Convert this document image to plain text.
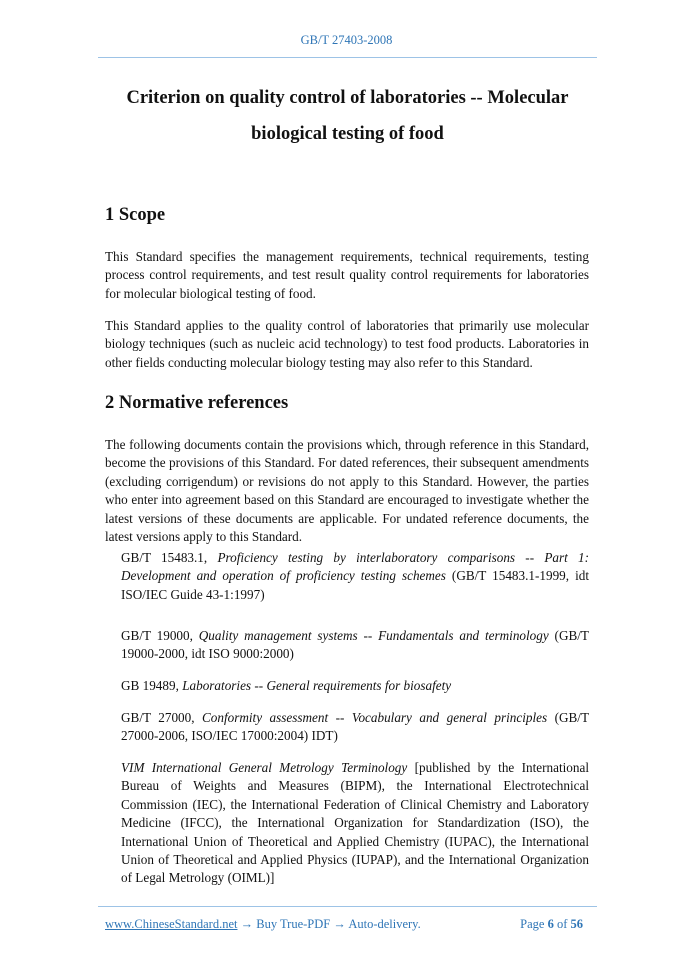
GB/T 27403-2008
Criterion on quality control of laboratories -- Molecular
biological testing of food
1 Scope
This Standard specifies the management requirements, technical requirements, testing process control requirements, and test result quality control requirements for laboratories for molecular biological testing of food.
This Standard applies to the quality control of laboratories that primarily use molecular biology techniques (such as nucleic acid technology) to test food products. Laboratories in other fields conducting molecular biology testing may also refer to this Standard.
2 Normative references
The following documents contain the provisions which, through reference in this Standard, become the provisions of this Standard. For dated references, their subsequent amendments (excluding corrigendum) or revisions do not apply to this Standard. However, the parties who enter into agreement based on this Standard are encouraged to investigate whether the latest versions of these documents are applicable. For undated reference documents, the latest versions apply to this Standard.
GB/T 15483.1, Proficiency testing by interlaboratory comparisons -- Part 1: Development and operation of proficiency testing schemes (GB/T 15483.1-1999, idt ISO/IEC Guide 43-1:1997)
GB/T 19000, Quality management systems -- Fundamentals and terminology (GB/T 19000-2000, idt ISO 9000:2000)
GB 19489, Laboratories -- General requirements for biosafety
GB/T 27000, Conformity assessment -- Vocabulary and general principles (GB/T 27000-2006, ISO/IEC 17000:2004) IDT)
VIM International General Metrology Terminology [published by the International Bureau of Weights and Measures (BIPM), the International Electrotechnical Commission (IEC), the International Federation of Clinical Chemistry and Laboratory Medicine (IFCC), the International Organization for Standardization (ISO), the International Union of Theoretical and Applied Chemistry (IUPAC), the International Union of Theoretical and Applied Physics (IUPAP), and the International Organization of Legal Metrology (OIML)]
www.ChineseStandard.net → Buy True-PDF → Auto-delivery.	Page 6 of 56
